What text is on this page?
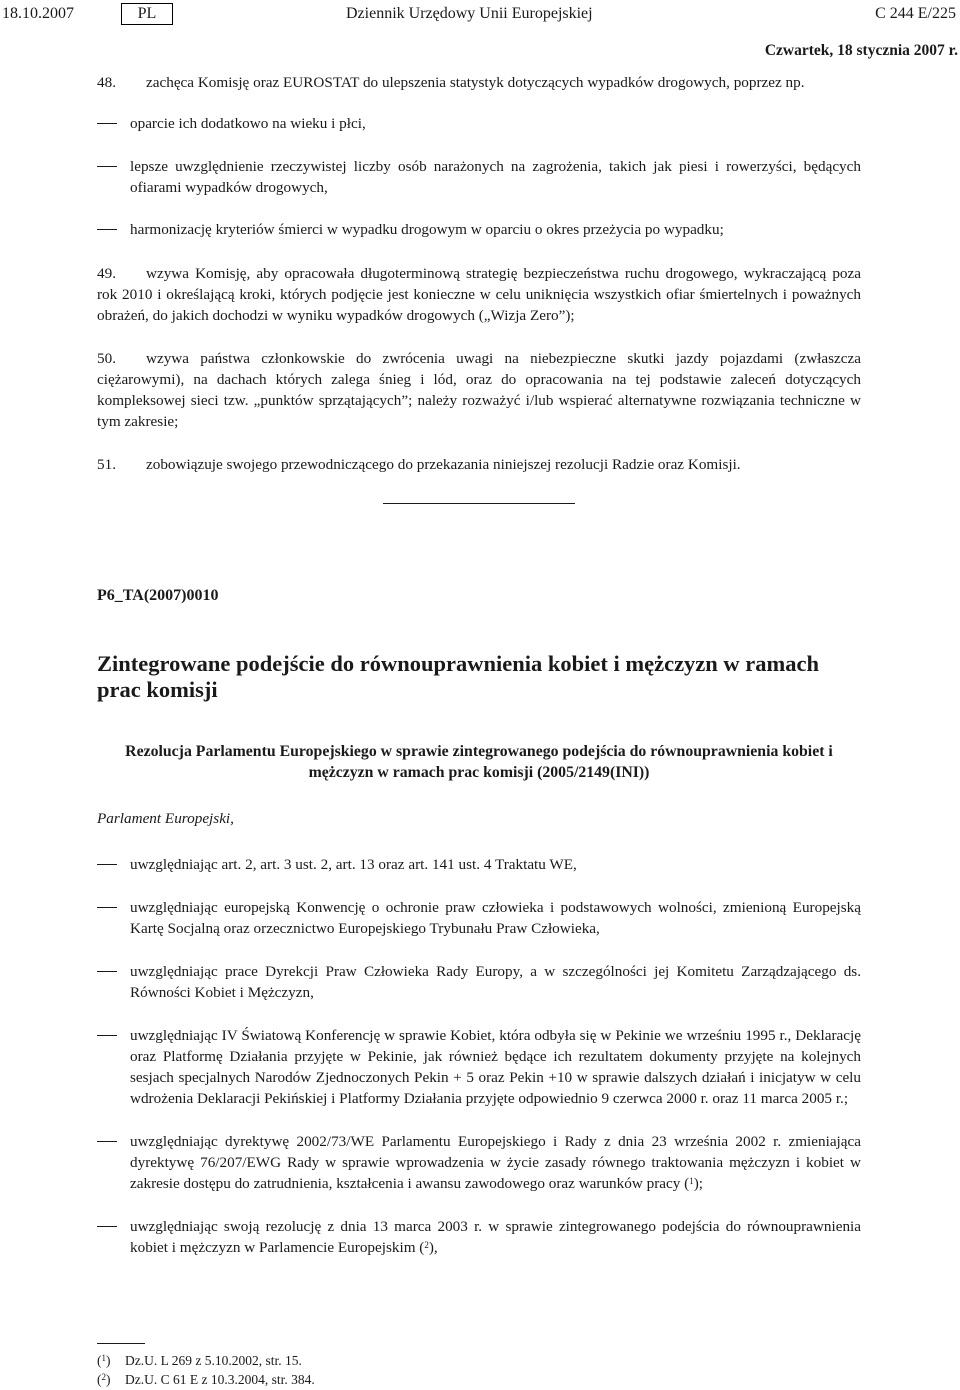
18.10.2007	PL	Dziennik Urzędowy Unii Europejskiej	C 244 E/225
Czwartek, 18 stycznia 2007 r.

48. zachęca Komisję oraz EUROSTAT do ulepszenia statystyk dotyczących wypadków drogowych, poprzez np.

oparcie ich dodatkowo na wieku i płci,

lepsze uwzględnienie rzeczywistej liczby osób narażonych na zagrożenia, takich jak piesi i rowerzyści, będących ofiarami wypadków drogowych,

harmonizację kryteriów śmierci w wypadku drogowym w oparciu o okres przeżycia po wypadku;

49. wzywa Komisję, aby opracowała długoterminową strategię bezpieczeństwa ruchu drogowego, wykraczającą poza rok 2010 i określającą kroki, których podjęcie jest konieczne w celu uniknięcia wszystkich ofiar śmiertelnych i poważnych obrażeń, do jakich dochodzi w wyniku wypadków drogowych („Wizja Zero”);

50. wzywa państwa członkowskie do zwrócenia uwagi na niebezpieczne skutki jazdy pojazdami (zwłaszcza ciężarowymi), na dachach których zalega śnieg i lód, oraz do opracowania na tej podstawie zaleceń dotyczących kompleksowej sieci tzw. „punktów sprzątających”; należy rozważyć i/lub wspierać alternatywne rozwiązania techniczne w tym zakresie;

51. zobowiązuje swojego przewodniczącego do przekazania niniejszej rezolucji Radzie oraz Komisji.

P6_TA(2007)0010

Zintegrowane podejście do równouprawnienia kobiet i mężczyzn w ramach prac komisji

Rezolucja Parlamentu Europejskiego w sprawie zintegrowanego podejścia do równouprawnienia kobiet i mężczyzn w ramach prac komisji (2005/2149(INI))

Parlament Europejski,

uwzględniając art. 2, art. 3 ust. 2, art. 13 oraz art. 141 ust. 4 Traktatu WE,

uwzględniając europejską Konwencję o ochronie praw człowieka i podstawowych wolności, zmienioną Europejską Kartę Socjalną oraz orzecznictwo Europejskiego Trybunału Praw Człowieka,

uwzględniając prace Dyrekcji Praw Człowieka Rady Europy, a w szczególności jej Komitetu Zarządzającego ds. Równości Kobiet i Mężczyzn,

uwzględniając IV Światową Konferencję w sprawie Kobiet, która odbyła się w Pekinie we wrześniu 1995 r., Deklarację oraz Platformę Działania przyjęte w Pekinie, jak również będące ich rezultatem dokumenty przyjęte na kolejnych sesjach specjalnych Narodów Zjednoczonych Pekin + 5 oraz Pekin +10 w sprawie dalszych działań i inicjatyw w celu wdrożenia Deklaracji Pekińskiej i Platformy Działania przyjęte odpowiednio 9 czerwca 2000 r. oraz 11 marca 2005 r.;

uwzględniając dyrektywę 2002/73/WE Parlamentu Europejskiego i Rady z dnia 23 września 2002 r. zmieniająca dyrektywę 76/207/EWG Rady w sprawie wprowadzenia w życie zasady równego traktowania mężczyzn i kobiet w zakresie dostępu do zatrudnienia, kształcenia i awansu zawodowego oraz warunków pracy ($^1$);

uwzględniając swoją rezolucję z dnia 13 marca 2003 r. w sprawie zintegrowanego podejścia do równouprawnienia kobiet i mężczyzn w Parlamencie Europejskim ($^2$),

($^1$) Dz.U. L 269 z 5.10.2002, str. 15.

($^2$) Dz.U. C 61 E z 10.3.2004, str. 384.
